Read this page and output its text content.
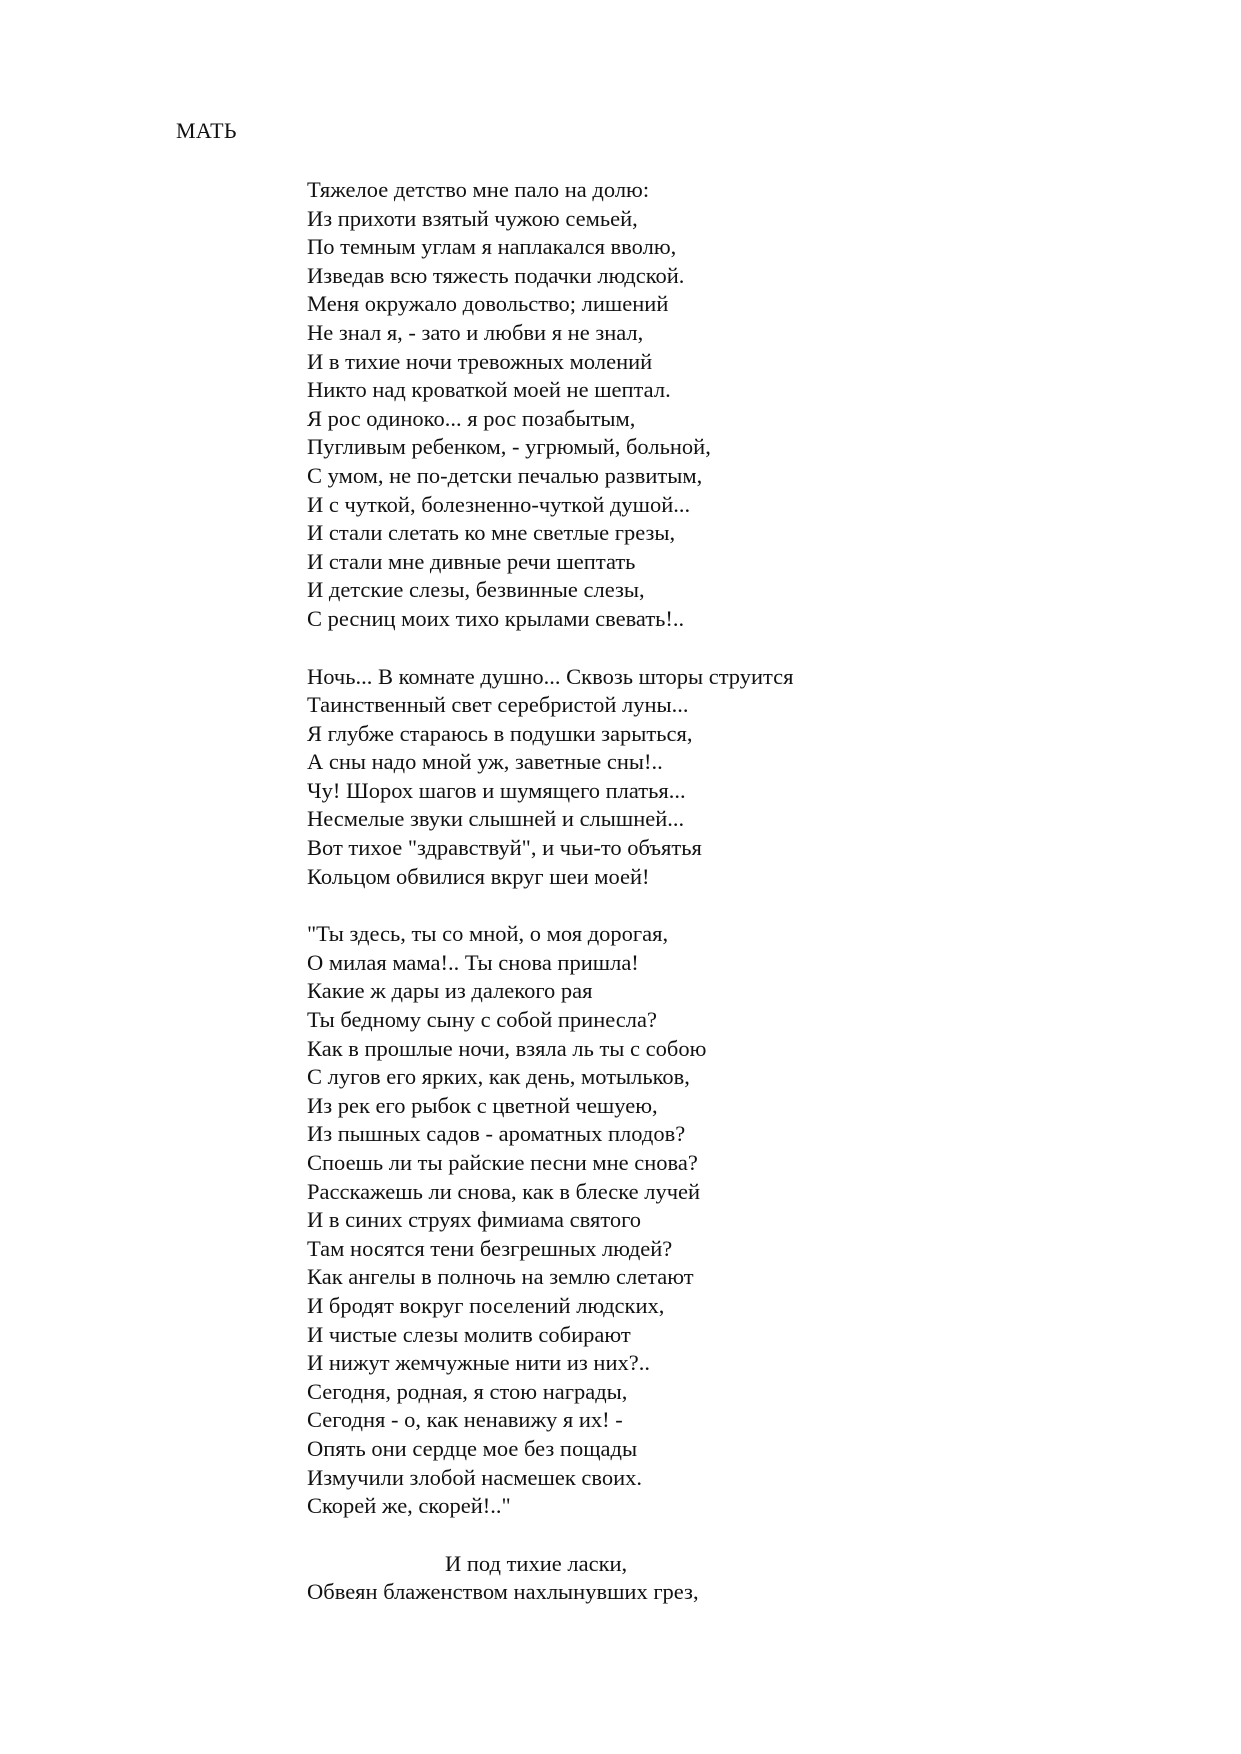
МАТЬ
Тяжелое детство мне пало на долю:
Из прихоти взятый чужою семьей,
По темным углам я наплакался вволю,
Изведав всю тяжесть подачки людской.
Меня окружало довольство; лишений
Не знал я, - зато и любви я не знал,
И в тихие ночи тревожных молений
Никто над кроваткой моей не шептал.
Я рос одиноко... я рос позабытым,
Пугливым ребенком, - угрюмый, больной,
С умом, не по-детски печалью развитым,
И с чуткой, болезненно-чуткой душой...
И стали слетать ко мне светлые грезы,
И стали мне дивные речи шептать
И детские слезы, безвинные слезы,
С ресниц моих тихо крылами свевать!..
Ночь... В комнате душно... Сквозь шторы струится
Таинственный свет серебристой луны...
Я глубже стараюсь в подушки зарыться,
А сны надо мной уж, заветные сны!..
Чу! Шорох шагов и шумящего платья...
Несмелые звуки слышней и слышней...
Вот тихое "здравствуй", и чьи-то объятья
Кольцом обвилися вкруг шеи моей!
"Ты здесь, ты со мной, о моя дорогая,
О милая мама!.. Ты снова пришла!
Какие ж дары из далекого рая
Ты бедному сыну с собой принесла?
Как в прошлые ночи, взяла ль ты с собою
С лугов его ярких, как день, мотыльков,
Из рек его рыбок с цветной чешуею,
Из пышных садов - ароматных плодов?
Споешь ли ты райские песни мне снова?
Расскажешь ли снова, как в блеске лучей
И в синих струях фимиама святого
Там носятся тени безгрешных людей?
Как ангелы в полночь на землю слетают
И бродят вокруг поселений людских,
И чистые слезы молитв собирают
И нижут жемчужные нити из них?..
Сегодня, родная, я стою награды,
Сегодня - о, как ненавижу я их! -
Опять они сердце мое без пощады
Измучили злобой насмешек своих.
Скорей же, скорей!.."
И под тихие ласки,
Обвеян блаженством нахлынувших грез,
